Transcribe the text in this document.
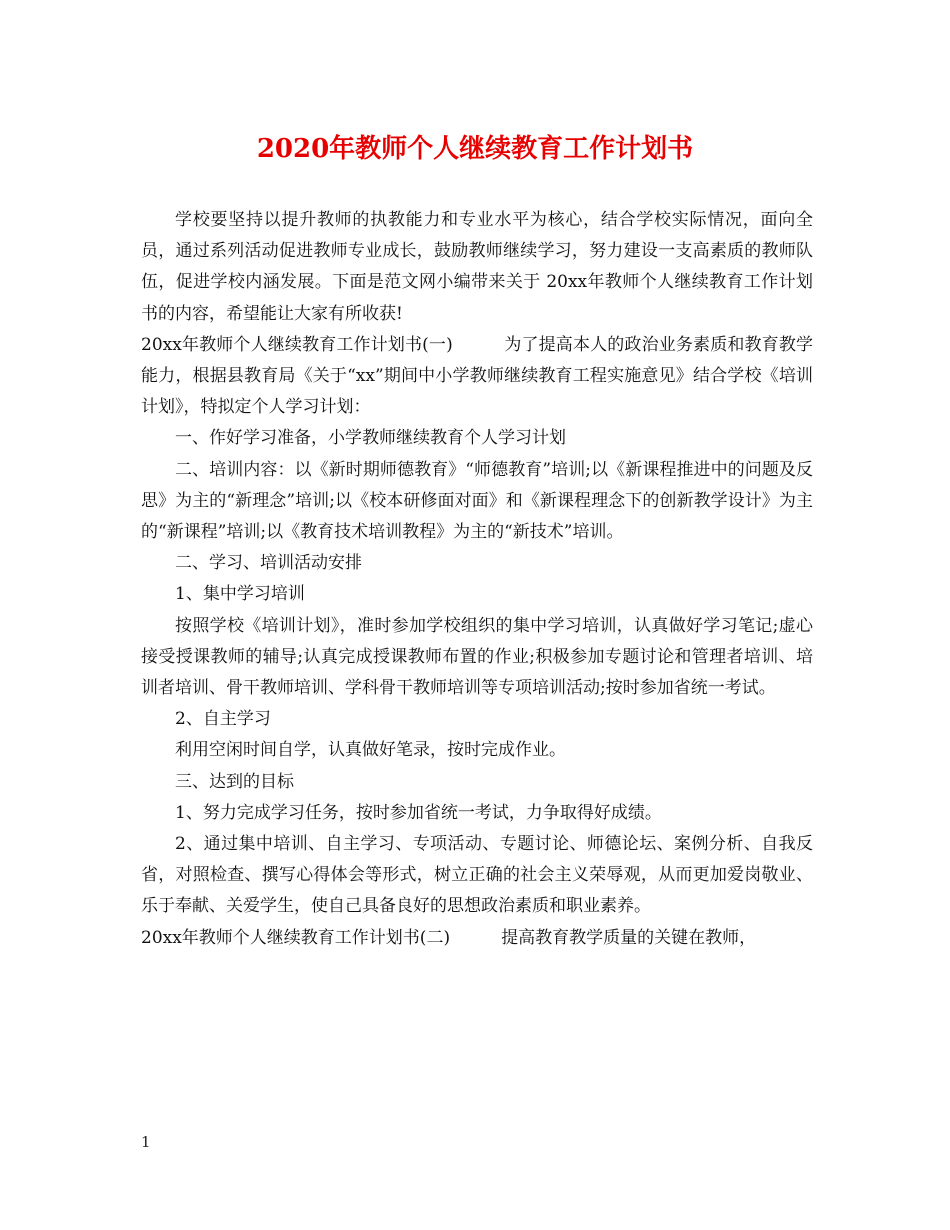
2020年教师个人继续教育工作计划书

学校要坚持以提升教师的执教能力和专业水平为核心，结合学校实际情况，面向全员，通过系列活动促进教师专业成长，鼓励教师继续学习，努力建设一支高素质的教师队伍，促进学校内涵发展。下面是范文网小编带来关于 20xx年教师个人继续教育工作计划书的内容，希望能让大家有所收获!

20xx年教师个人继续教育工作计划书(一)　　　为了提高本人的政治业务素质和教育教学能力，根据县教育局《关于“xx”期间中小学教师继续教育工程实施意见》结合学校《培训计划》，特拟定个人学习计划：

一、作好学习准备，小学教师继续教育个人学习计划

二、培训内容：以《新时期师德教育》“师德教育”培训;以《新课程推进中的问题及反思》为主的“新理念”培训;以《校本研修面对面》和《新课程理念下的创新教学设计》为主的“新课程”培训;以《教育技术培训教程》为主的“新技术”培训。

二、学习、培训活动安排

1、集中学习培训

按照学校《培训计划》，准时参加学校组织的集中学习培训，认真做好学习笔记;虚心接受授课教师的辅导;认真完成授课教师布置的作业;积极参加专题讨论和管理者培训、培训者培训、骨干教师培训、学科骨干教师培训等专项培训活动;按时参加省统一考试。

2、自主学习

利用空闲时间自学，认真做好笔录，按时完成作业。

三、达到的目标

1、努力完成学习任务，按时参加省统一考试，力争取得好成绩。

2、通过集中培训、自主学习、专项活动、专题讨论、师德论坛、案例分析、自我反省，对照检查、撰写心得体会等形式，树立正确的社会主义荣辱观，从而更加爱岗敬业、乐于奉献、关爱学生，使自己具备良好的思想政治素质和职业素养。

20xx年教师个人继续教育工作计划书(二)　　　提高教育教学质量的关键在教师，

1
